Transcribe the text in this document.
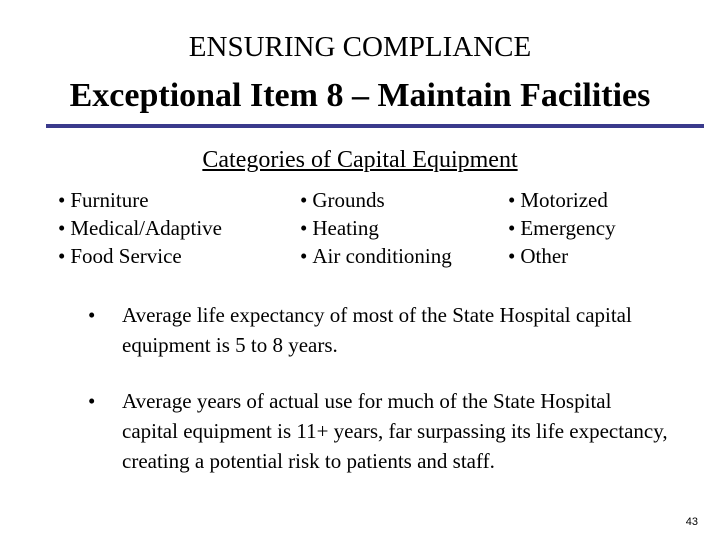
ENSURING COMPLIANCE
Exceptional Item 8 – Maintain Facilities
Categories of Capital Equipment
• Furniture
• Medical/Adaptive
• Food Service
• Grounds
• Heating
• Air conditioning
• Motorized
• Emergency
• Other
•	Average life expectancy of most of the State Hospital capital equipment is 5 to 8 years.
•	Average years of actual use for much of the State Hospital capital equipment is 11+ years, far surpassing its life expectancy, creating a potential risk to patients and staff.
43
